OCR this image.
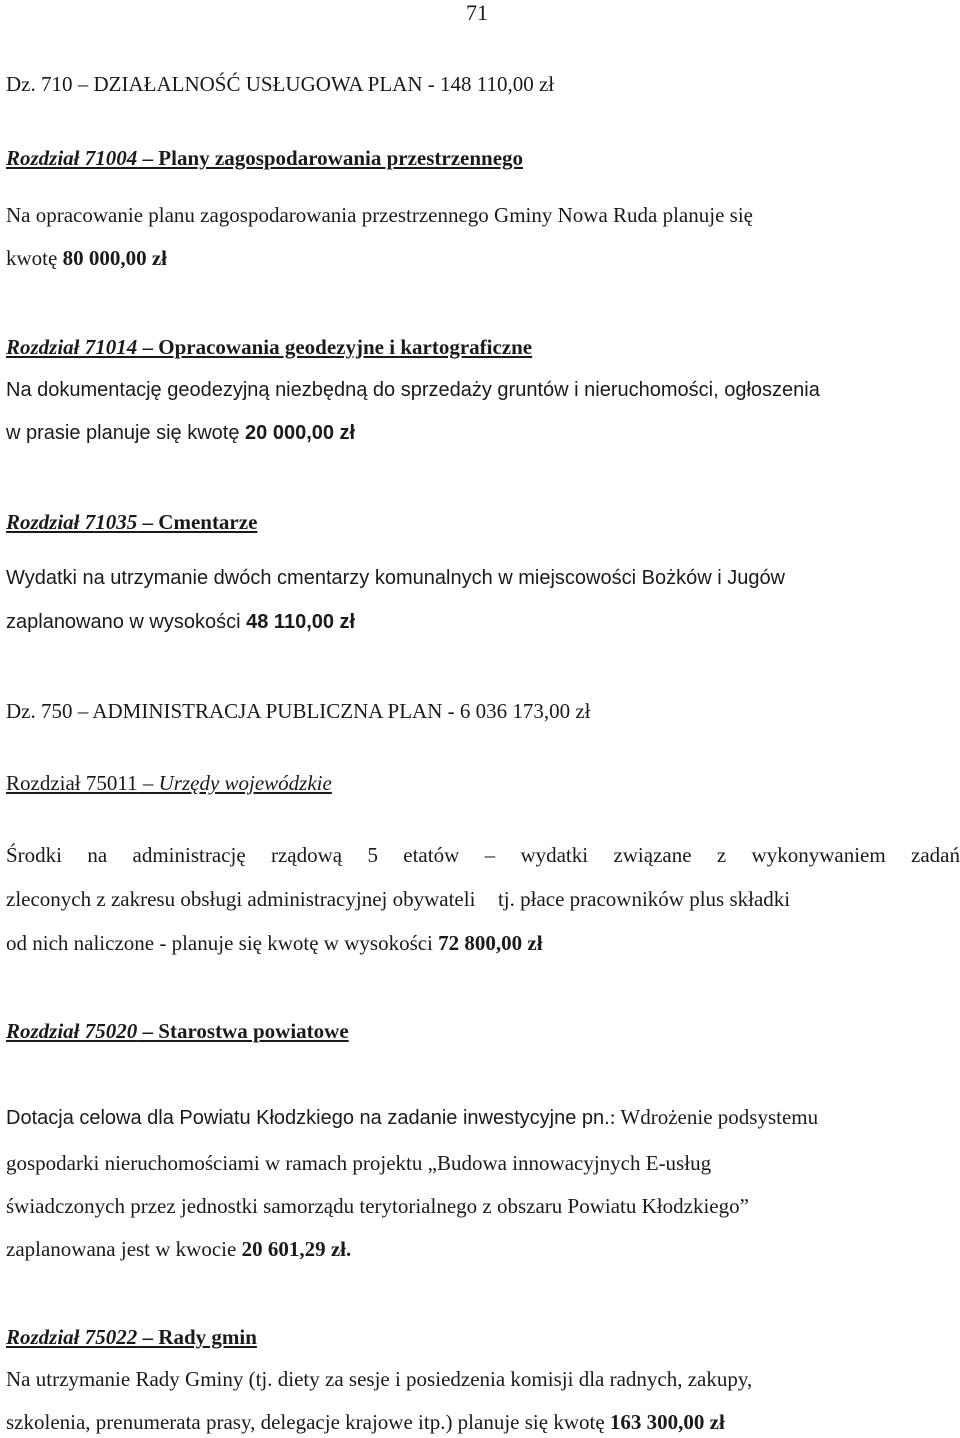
71
Dz. 710 – DZIAŁALNOŚĆ USŁUGOWA PLAN - 148 110,00 zł
Rozdział 71004 – Plany zagospodarowania przestrzennego
Na opracowanie planu zagospodarowania przestrzennego Gminy Nowa Ruda planuje się
kwotę 80 000,00 zł
Rozdział 71014 – Opracowania geodezyjne i kartograficzne
Na dokumentację geodezyjną niezbędną do sprzedaży gruntów i nieruchomości, ogłoszenia
w prasie planuje się kwotę 20 000,00 zł
Rozdział 71035 – Cmentarze
Wydatki na utrzymanie dwóch cmentarzy komunalnych w miejscowości Bożków i Jugów
zaplanowano w wysokości 48 110,00 zł
Dz. 750 – ADMINISTRACJA PUBLICZNA PLAN - 6 036 173,00 zł
Rozdział 75011 – Urzędy wojewódzkie
Środki na administrację rządową 5 etatów – wydatki związane z wykonywaniem zadań
zleconych z zakresu obsługi administracyjnej obywateli tj. płace pracowników plus składki
od nich naliczone - planuje się kwotę w wysokości 72 800,00 zł
Rozdział 75020 – Starostwa powiatowe
Dotacja celowa dla Powiatu Kłodzkiego na zadanie inwestycyjne pn.: Wdrożenie podsystemu
gospodarki nieruchomościami w ramach projektu „Budowa innowacyjnych E-usług
świadczonych przez jednostki samorządu terytorialnego z obszaru Powiatu Kłodzkiego”
zaplanowana jest w kwocie 20 601,29 zł.
Rozdział 75022 – Rady gmin
Na utrzymanie Rady Gminy (tj. diety za sesje i posiedzenia komisji dla radnych, zakupy,
szkolenia, prenumerata prasy, delegacje krajowe itp.) planuje się kwotę 163 300,00 zł
